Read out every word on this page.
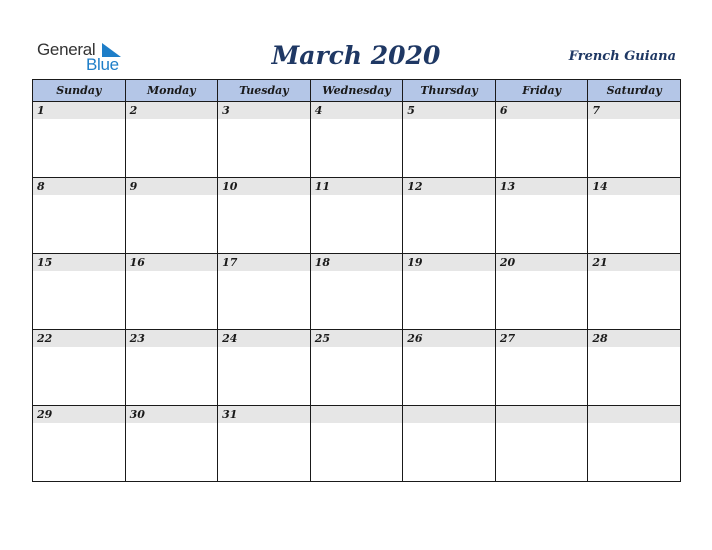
General
Blue	March 2020	French Guiana
Sunday	Monday	Tuesday	Wednesday	Thursday	Friday	Saturday

1	2	3	4	5	6	7

8	9	10	11	12	13	14

15	16	17	18	19	20	21

22	23	24	25	26	27	28

29	30	31				
